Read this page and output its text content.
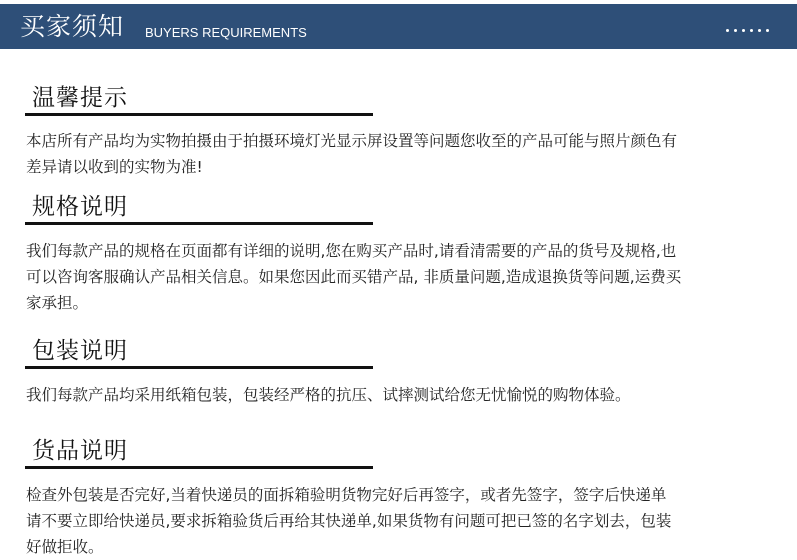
买家须知 BUYERS REQUIREMENTS
温馨提示
本店所有产品均为实物拍摄由于拍摄环境灯光显示屏设置等问题您收至的产品可能与照片颜色有
差异请以收到的实物为准!
规格说明
我们每款产品的规格在页面都有详细的说明,您在购买产品时,请看清需要的产品的货号及规格,也
可以咨询客服确认产品相关信息。如果您因此而买错产品, 非质量问题,造成退换货等问题,运费买
家承担。
包装说明
我们每款产品均采用纸箱包装，包装经严格的抗压、试摔测试给您无忧愉悦的购物体验。
货品说明
检查外包装是否完好,当着快递员的面拆箱验明货物完好后再签字，或者先签字，签字后快递单
请不要立即给快递员,要求拆箱验货后再给其快递单,如果货物有问题可把已签的名字划去，包装
好做拒收。
